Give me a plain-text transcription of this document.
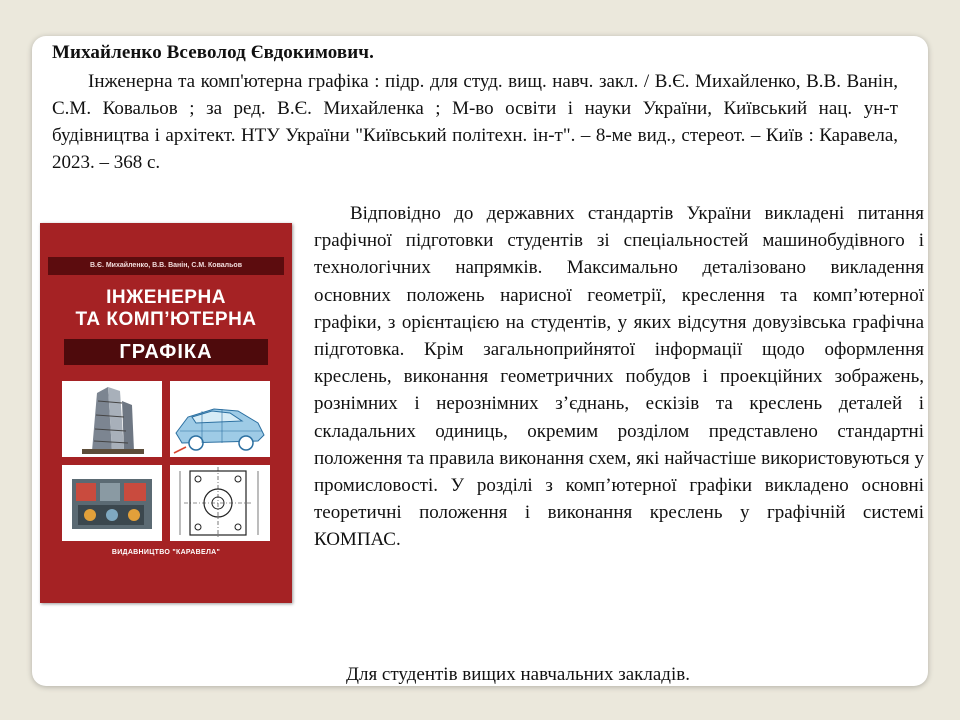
Михайленко Всеволод Євдокимович.
Інженерна та комп'ютерна графіка : підр. для студ. вищ. навч. закл. / В.Є. Михайленко, В.В. Ванін, С.М. Ковальов ; за ред. В.Є. Михайленка ; М-во освіти і науки України, Київський нац. ун-т будівництва і архітект. НТУ України "Київський політехн. ін-т". – 8-ме вид., стереот. – Київ : Каравела, 2023. – 368 с.
В.Є. Михайленко, В.В. Ванін, С.М. Ковальов
ІНЖЕНЕРНА
ТА КОМП’ЮТЕРНА
ГРАФІКА
ВИДАВНИЦТВО "КАРАВЕЛА"
Відповідно до державних стандартів України викладені питання графічної підготовки студентів зі спеціальностей машинобудівного і технологічних напрямків. Максимально деталізовано викладення основних положень нарисної геометрії, креслення та комп’ютерної графіки, з орієнтацією на студентів, у яких відсутня довузівська графічна підготовка. Крім загальноприйнятої інформації щодо оформлення креслень, виконання геометричних побудов і проекційних зображень, рознімних і нерознімних з’єднань, ескізів та креслень деталей і складальних одиниць, окремим розділом представлено стандартні положення та правила виконання схем, які найчастіше використовуються у промисловості. У розділі з комп’ютерної графіки викладено основні теоретичні положення і виконання креслень у графічній системі КОМПАС.
Для студентів вищих навчальних закладів.
